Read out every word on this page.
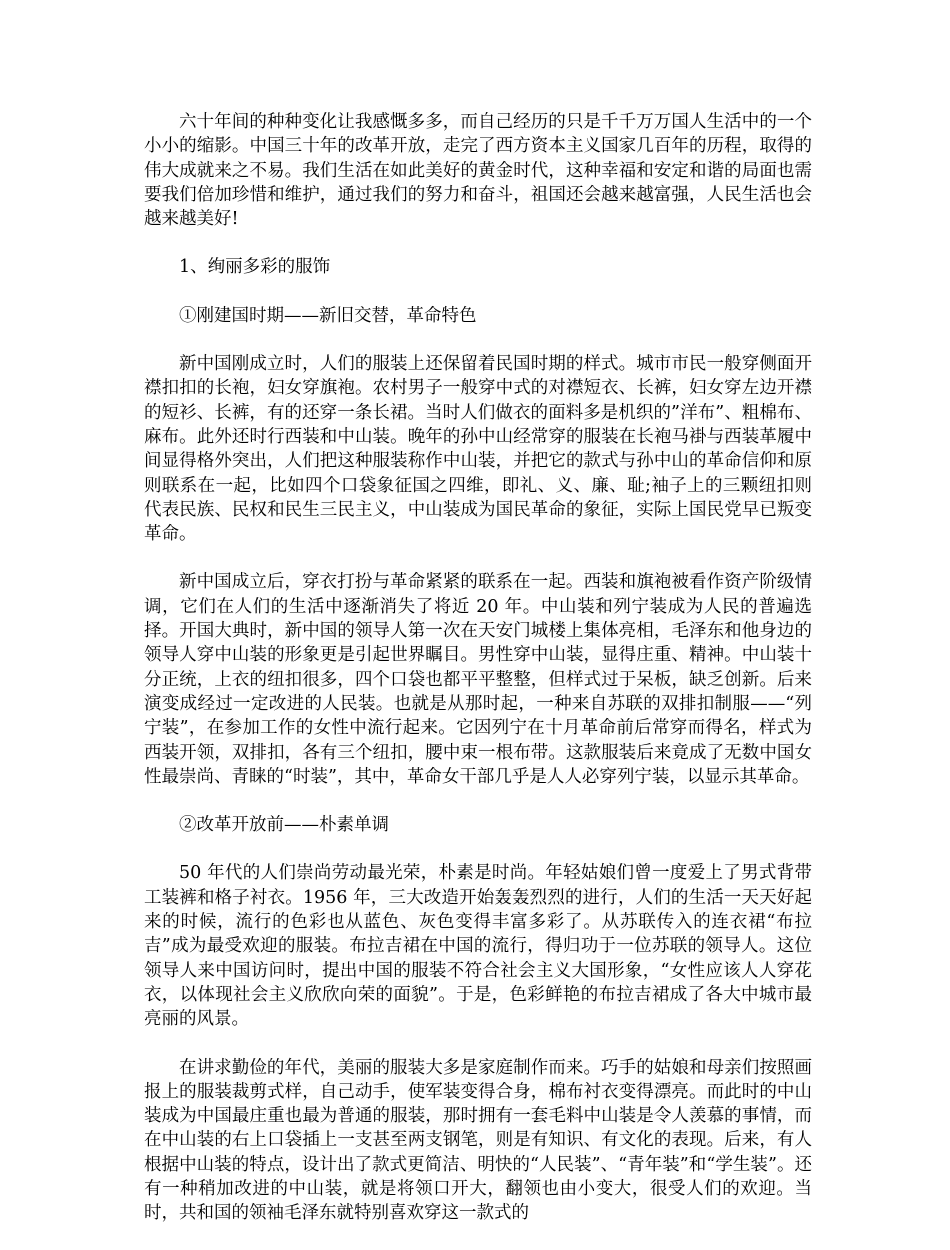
六十年间的种种变化让我感慨多多，而自己经历的只是千千万万国人生活中的一个小小的缩影。中国三十年的改革开放，走完了西方资本主义国家几百年的历程，取得的伟大成就来之不易。我们生活在如此美好的黄金时代，这种幸福和安定和谐的局面也需要我们倍加珍惜和维护，通过我们的努力和奋斗，祖国还会越来越富强，人民生活也会越来越美好!

1、绚丽多彩的服饰

①刚建国时期——新旧交替，革命特色

新中国刚成立时，人们的服装上还保留着民国时期的样式。城市市民一般穿侧面开襟扣扣的长袍，妇女穿旗袍。农村男子一般穿中式的对襟短衣、长裤，妇女穿左边开襟的短衫、长裤，有的还穿一条长裙。当时人们做衣的面料多是机织的”洋布”、粗棉布、麻布。此外还时行西装和中山装。晚年的孙中山经常穿的服装在长袍马褂与西装革履中间显得格外突出，人们把这种服装称作中山装，并把它的款式与孙中山的革命信仰和原则联系在一起，比如四个口袋象征国之四维，即礼、义、廉、耻;袖子上的三颗纽扣则代表民族、民权和民生三民主义，中山装成为国民革命的象征，实际上国民党早已叛变革命。

新中国成立后，穿衣打扮与革命紧紧的联系在一起。西装和旗袍被看作资产阶级情调，它们在人们的生活中逐渐消失了将近 20 年。中山装和列宁装成为人民的普遍选择。开国大典时，新中国的领导人第一次在天安门城楼上集体亮相，毛泽东和他身边的领导人穿中山装的形象更是引起世界瞩目。男性穿中山装，显得庄重、精神。中山装十分正统，上衣的纽扣很多，四个口袋也都平平整整，但样式过于呆板，缺乏创新。后来演变成经过一定改进的人民装。也就是从那时起，一种来自苏联的双排扣制服——“列宁装”，在参加工作的女性中流行起来。它因列宁在十月革命前后常穿而得名，样式为西装开领，双排扣，各有三个纽扣，腰中束一根布带。这款服装后来竟成了无数中国女性最崇尚、青睐的“时装”，其中，革命女干部几乎是人人必穿列宁装，以显示其革命。

②改革开放前——朴素单调

50 年代的人们崇尚劳动最光荣，朴素是时尚。年轻姑娘们曾一度爱上了男式背带工装裤和格子衬衣。1956 年，三大改造开始轰轰烈烈的进行，人们的生活一天天好起来的时候，流行的色彩也从蓝色、灰色变得丰富多彩了。从苏联传入的连衣裙“布拉吉”成为最受欢迎的服装。布拉吉裙在中国的流行，得归功于一位苏联的领导人。这位领导人来中国访问时，提出中国的服装不符合社会主义大国形象，“女性应该人人穿花衣，以体现社会主义欣欣向荣的面貌”。于是，色彩鲜艳的布拉吉裙成了各大中城市最亮丽的风景。

在讲求勤俭的年代，美丽的服装大多是家庭制作而来。巧手的姑娘和母亲们按照画报上的服装裁剪式样，自己动手，使军装变得合身，棉布衬衣变得漂亮。而此时的中山装成为中国最庄重也最为普通的服装，那时拥有一套毛料中山装是令人羡慕的事情，而在中山装的右上口袋插上一支甚至两支钢笔，则是有知识、有文化的表现。后来，有人根据中山装的特点，设计出了款式更简洁、明快的“人民装”、“青年装”和“学生装”。还有一种稍加改进的中山装，就是将领口开大，翻领也由小变大，很受人们的欢迎。当时，共和国的领袖毛泽东就特别喜欢穿这一款式的
